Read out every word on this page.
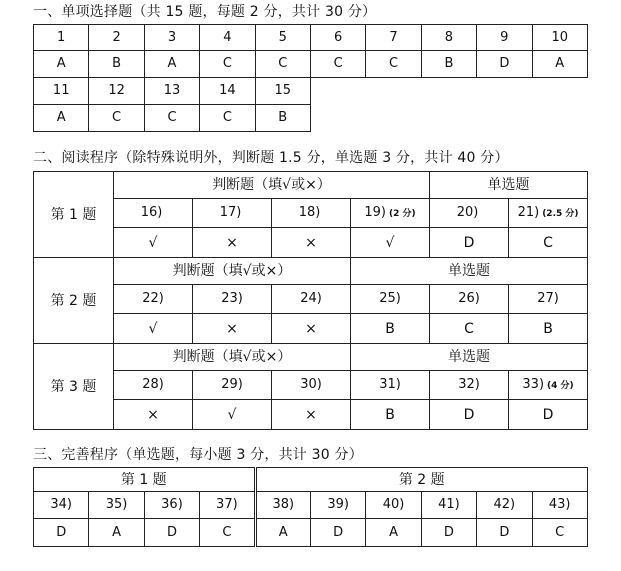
一、单项选择题（共 15 题，每题 2 分，共计 30 分）
1	2	3	4	5	6	7	8	9	10
A	B	A	C	C	C	C	B	D	A
11	12	13	14	15					
A	C	C	C	B					
二、阅读程序（除特殊说明外，判断题 1.5 分，单选题 3 分，共计 40 分）
第 1 题	判断题（填√或×）				单选题	
	16)	17)	18)	19) (2 分)	20)	21) (2.5 分)
	√	×	×	√	D	C
第 2 题	判断题（填√或×）			单选题		
	22)	23)	24)	25)	26)	27)
	√	×	×	B	C	B
第 3 题	判断题（填√或×）			单选题		
	28)	29)	30)	31)	32)	33) (4 分)
	×	√	×	B	D	D
三、完善程序（单选题，每小题 3 分，共计 30 分）
第 1 题				第 2 题					
34)	35)	36)	37)	38)	39)	40)	41)	42)	43)
D	A	D	C	A	D	A	D	D	C
